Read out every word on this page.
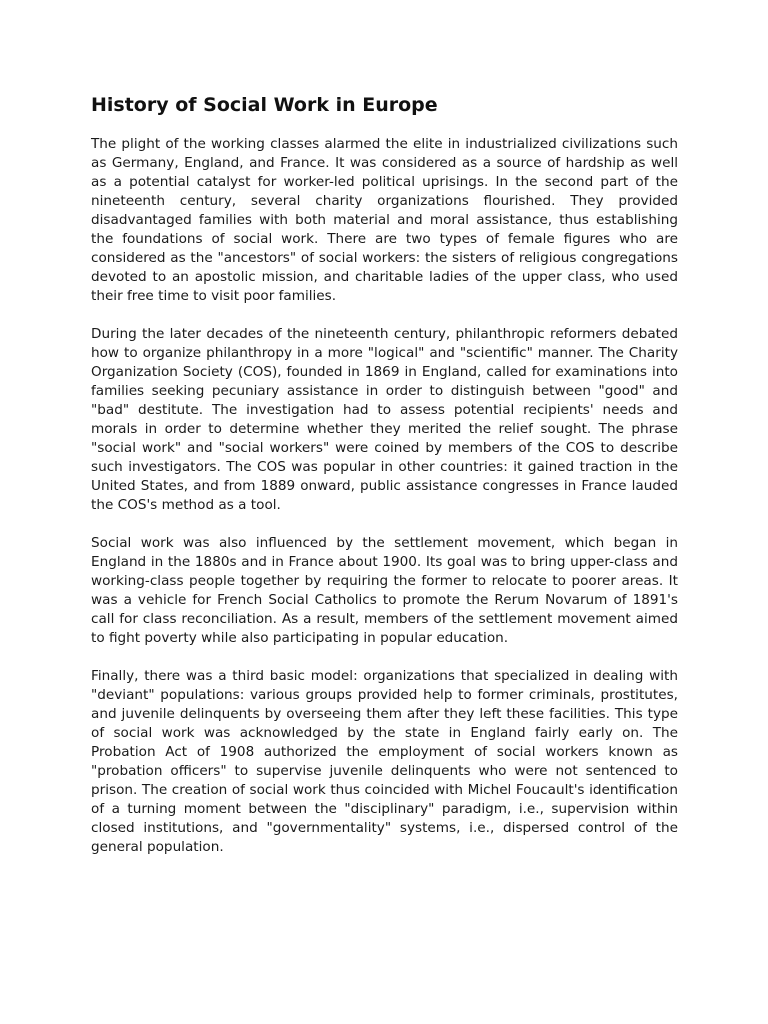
History of Social Work in Europe

The plight of the working classes alarmed the elite in industrialized civilizations such as Germany, England, and France. It was considered as a source of hardship as well as a potential catalyst for worker-led political uprisings. In the second part of the nineteenth century, several charity organizations flourished. They provided disadvantaged families with both material and moral assistance, thus establishing the foundations of social work. There are two types of female figures who are considered as the "ancestors" of social workers: the sisters of religious congregations devoted to an apostolic mission, and charitable ladies of the upper class, who used their free time to visit poor families.

During the later decades of the nineteenth century, philanthropic reformers debated how to organize philanthropy in a more "logical" and "scientific" manner. The Charity Organization Society (COS), founded in 1869 in England, called for examinations into families seeking pecuniary assistance in order to distinguish between "good" and "bad" destitute. The investigation had to assess potential recipients' needs and morals in order to determine whether they merited the relief sought. The phrase "social work" and "social workers" were coined by members of the COS to describe such investigators. The COS was popular in other countries: it gained traction in the United States, and from 1889 onward, public assistance congresses in France lauded the COS's method as a tool.

Social work was also influenced by the settlement movement, which began in England in the 1880s and in France about 1900. Its goal was to bring upper-class and working-class people together by requiring the former to relocate to poorer areas. It was a vehicle for French Social Catholics to promote the Rerum Novarum of 1891's call for class reconciliation. As a result, members of the settlement movement aimed to fight poverty while also participating in popular education.

Finally, there was a third basic model: organizations that specialized in dealing with "deviant" populations: various groups provided help to former criminals, prostitutes, and juvenile delinquents by overseeing them after they left these facilities. This type of social work was acknowledged by the state in England fairly early on. The Probation Act of 1908 authorized the employment of social workers known as "probation officers" to supervise juvenile delinquents who were not sentenced to prison. The creation of social work thus coincided with Michel Foucault's identification of a turning moment between the "disciplinary" paradigm, i.e., supervision within closed institutions, and "governmentality" systems, i.e., dispersed control of the general population.
